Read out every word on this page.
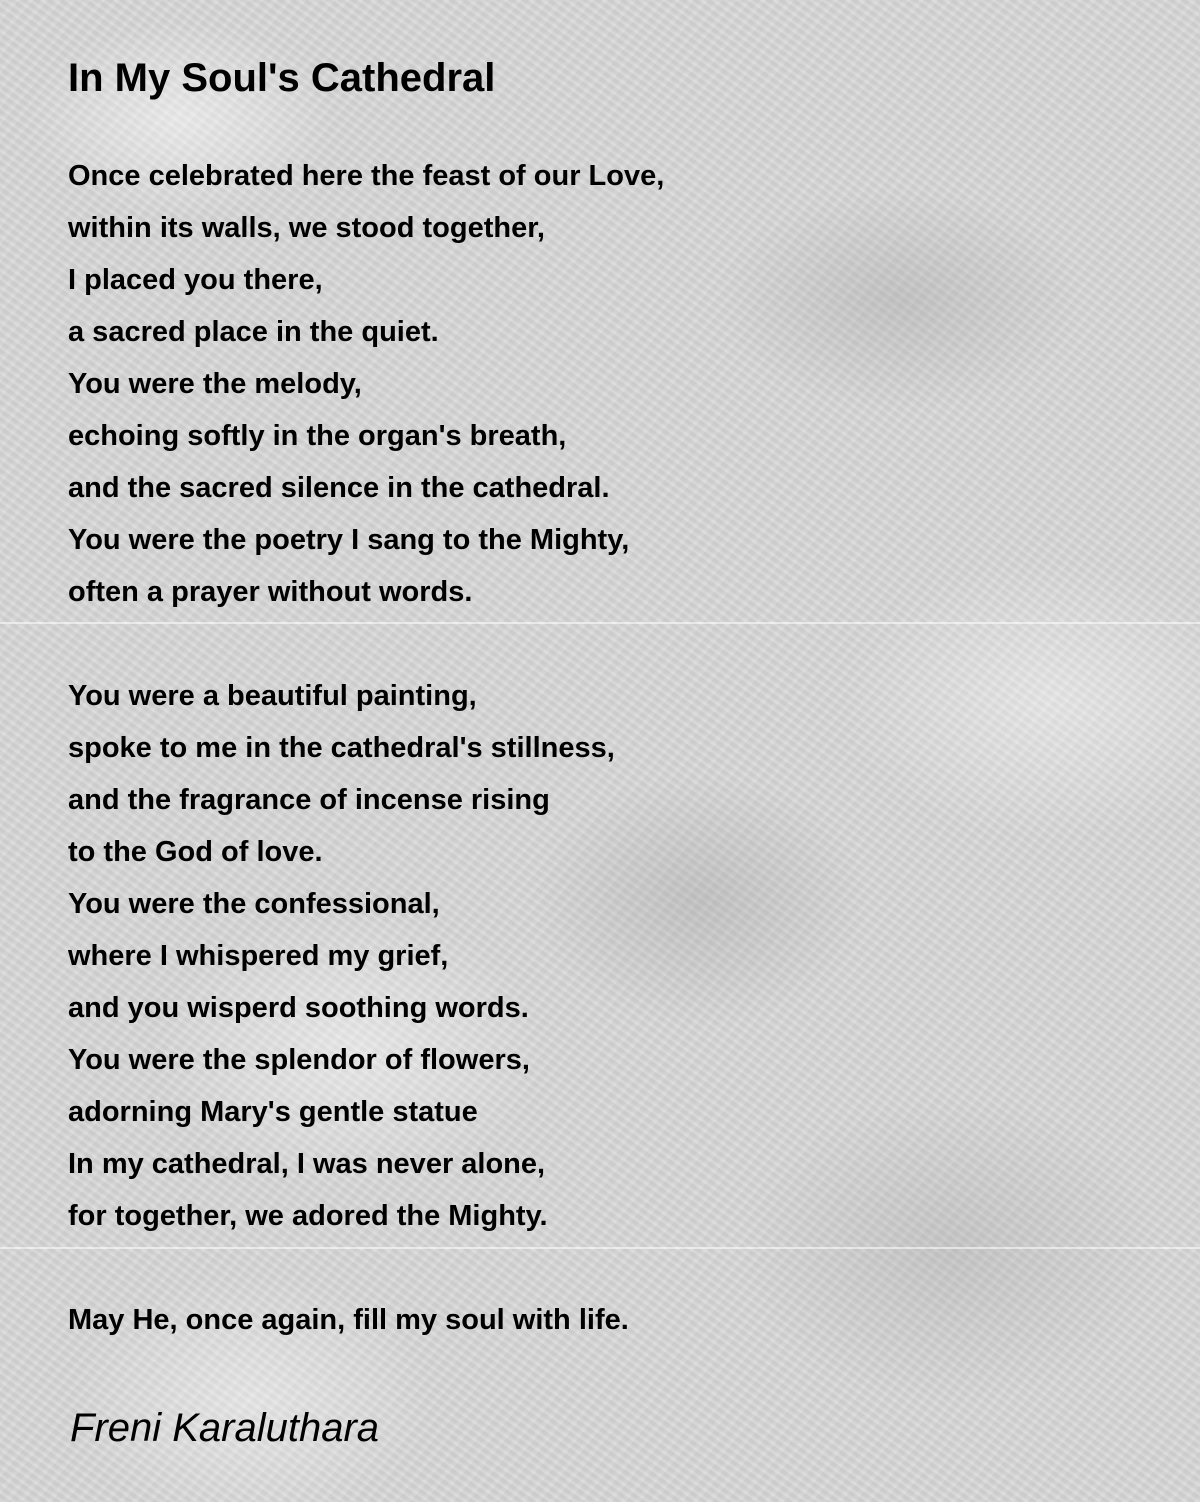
In My Soul's Cathedral
Once celebrated here the feast of our Love,
within its walls, we stood together,
I placed you there,
a sacred place in the quiet.
You were the melody,
echoing softly in the organ's breath,
and the sacred silence in the cathedral.
You were the poetry I sang to the Mighty,
often a prayer without words.
You were a beautiful painting,
spoke to me in the cathedral's stillness,
and the fragrance of incense rising
to the God of love.
You were the confessional,
where I whispered my grief,
and you wisperd soothing words.
You were the splendor of flowers,
adorning Mary's gentle statue
In my cathedral, I was never alone,
for together, we adored the Mighty.
May He, once again, fill my soul with life.

Freni Karaluthara
